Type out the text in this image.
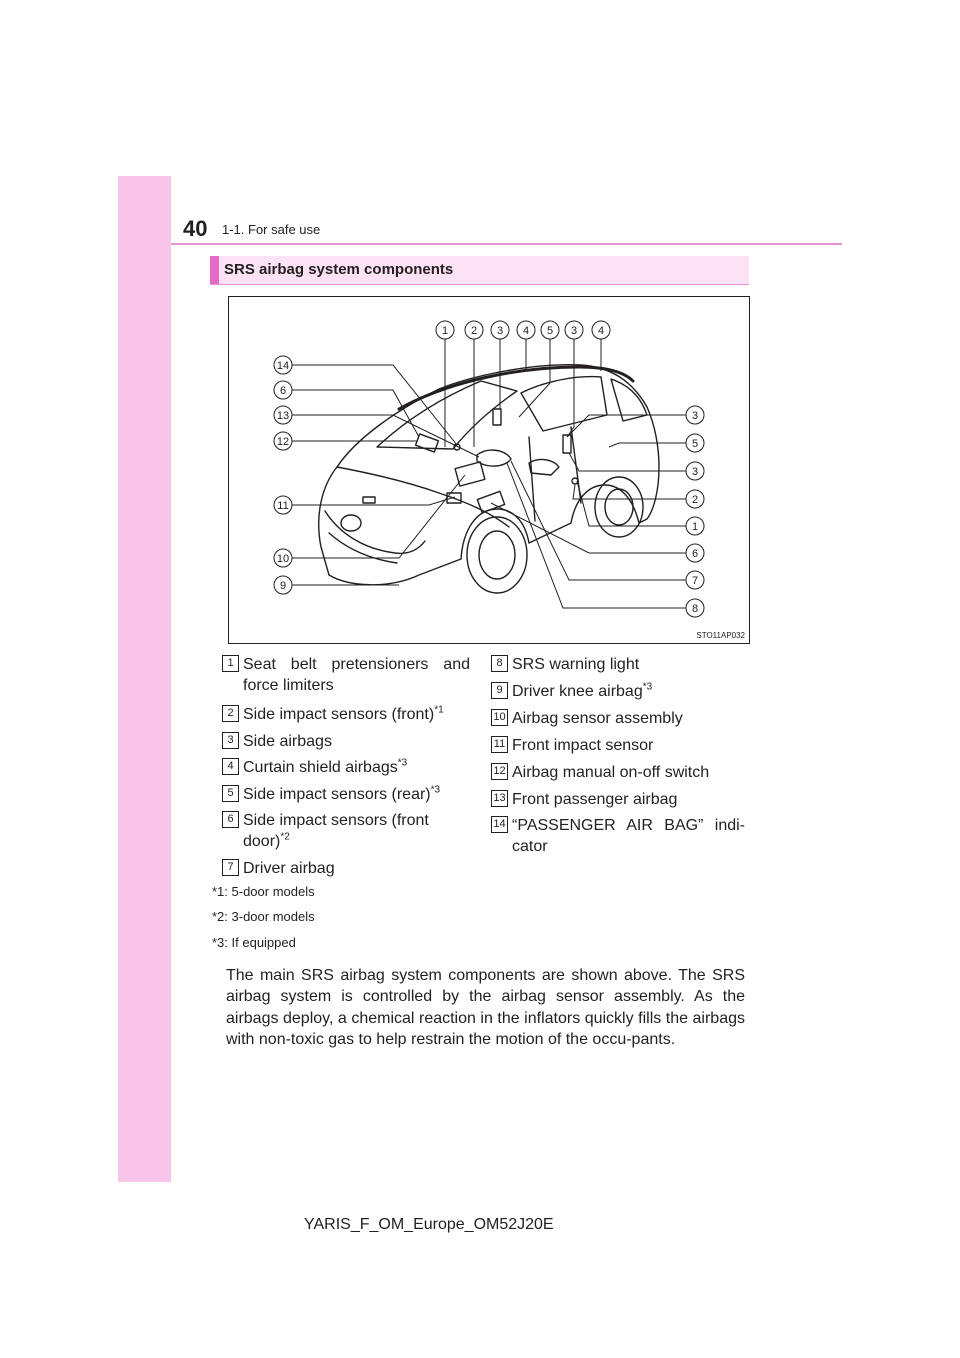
40 1-1. For safe use
SRS airbag system components
1 2 3 4 5 3 4
14
6
13
12
11
10
9
3
5
3
2
1
6
7
8
STO11AP032
1 Seat belt pretensioners and force limiters
2 Side impact sensors (front)$^{*1}$
3 Side airbags
4 Curtain shield airbags$^{*3}$
5 Side impact sensors (rear)$^{*3}$
6 Side impact sensors (front door)$^{*2}$
7 Driver airbag
8 SRS warning light
9 Driver knee airbag$^{*3}$
10 Airbag sensor assembly
11 Front impact sensor
12 Airbag manual on-off switch
13 Front passenger airbag
14 “PASSENGER AIR BAG” indi-cator
*1: 5-door models
*2: 3-door models
*3: If equipped
The main SRS airbag system components are shown above. The SRS airbag system is controlled by the airbag sensor assembly. As the airbags deploy, a chemical reaction in the inflators quickly fills the airbags with non-toxic gas to help restrain the motion of the occu-pants.
YARIS_F_OM_Europe_OM52J20E
